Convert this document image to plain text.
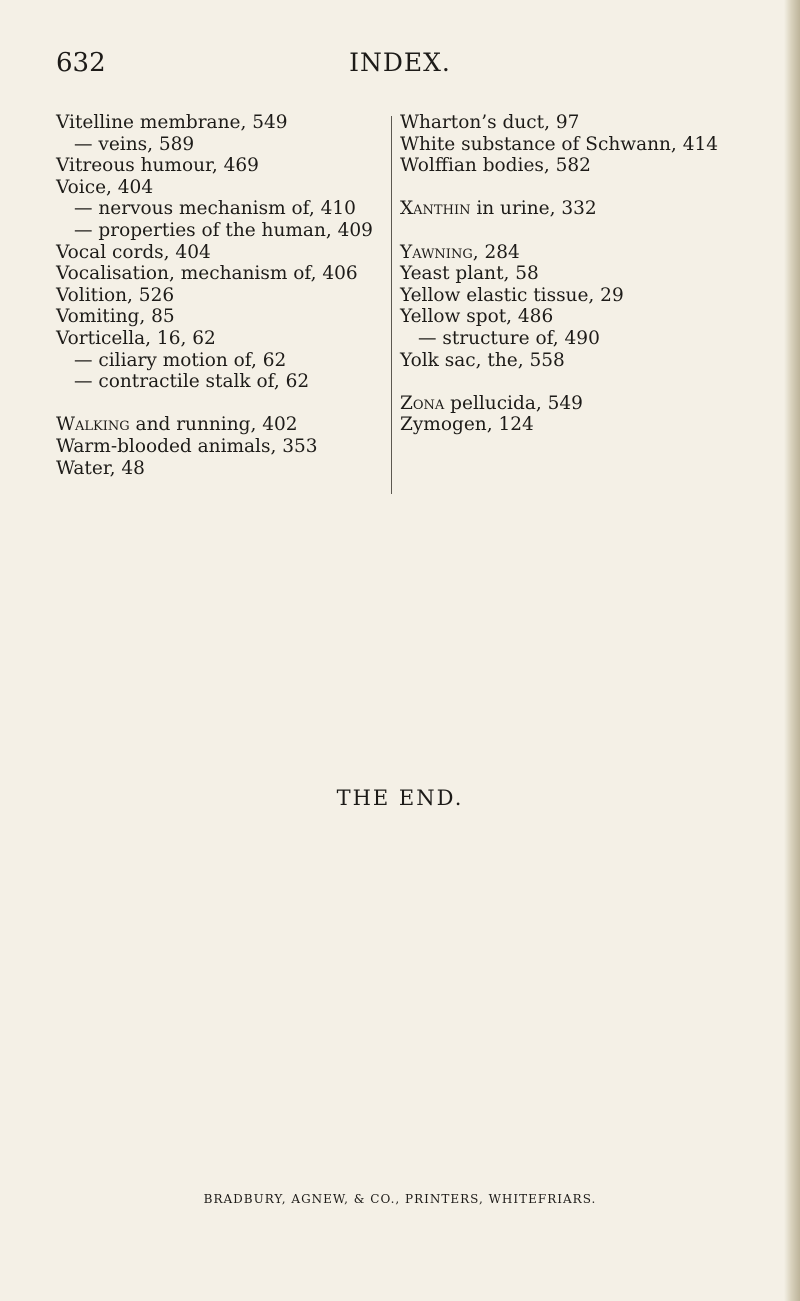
632	INDEX.
Vitelline membrane, 549
— veins, 589
Vitreous humour, 469
Voice, 404
— nervous mechanism of, 410
— properties of the human, 409
Vocal cords, 404
Vocalisation, mechanism of, 406
Volition, 526
Vomiting, 85
Vorticella, 16, 62
— ciliary motion of, 62
— contractile stalk of, 62
Walking and running, 402
Warm-blooded animals, 353
Water, 48
Wharton’s duct, 97
White substance of Schwann, 414
Wolffian bodies, 582
Xanthin in urine, 332
Yawning, 284
Yeast plant, 58
Yellow elastic tissue, 29
Yellow spot, 486
— structure of, 490
Yolk sac, the, 558
Zona pellucida, 549
Zymogen, 124
THE END.
BRADBURY, AGNEW, & CO., PRINTERS, WHITEFRIARS.
